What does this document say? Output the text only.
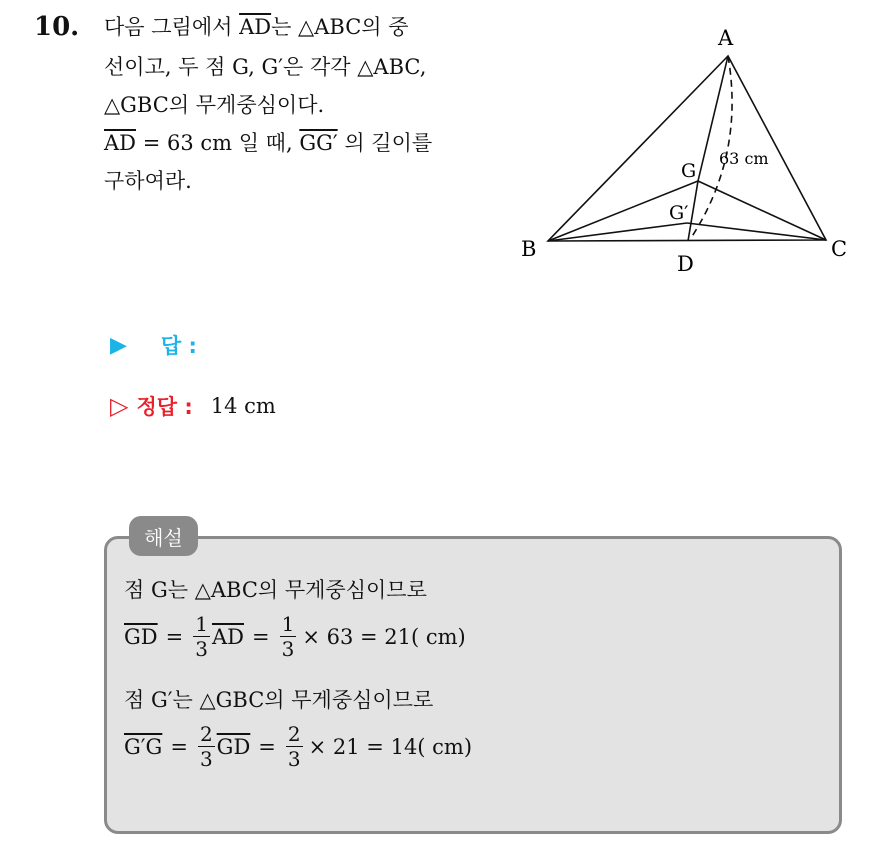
10. 다음 그림에서 $\overline{AD}$는 △ABC의 중
선이고, 두 점 G, G′은 각각 △ABC,
△GBC의 무게중심이다.
$\overline{AD} = 63$ cm 일 때, GG′ 의 길이를
구하여라.
A
B	C
D
G
G′
63 cm
▶ 답 :
▷ 정답 : 14 cm
해설
점 G는 △ABC의 무게중심이므로
$\overline{GD} = \frac{1}{3} \overline{AD} = \frac{1}{3} \times 63 = 21$( cm)
점 G′는 △GBC의 무게중심이므로
$G'G = \frac{2}{3} \overline{GD} = \frac{2}{3} \times 21 = 14$( cm)
